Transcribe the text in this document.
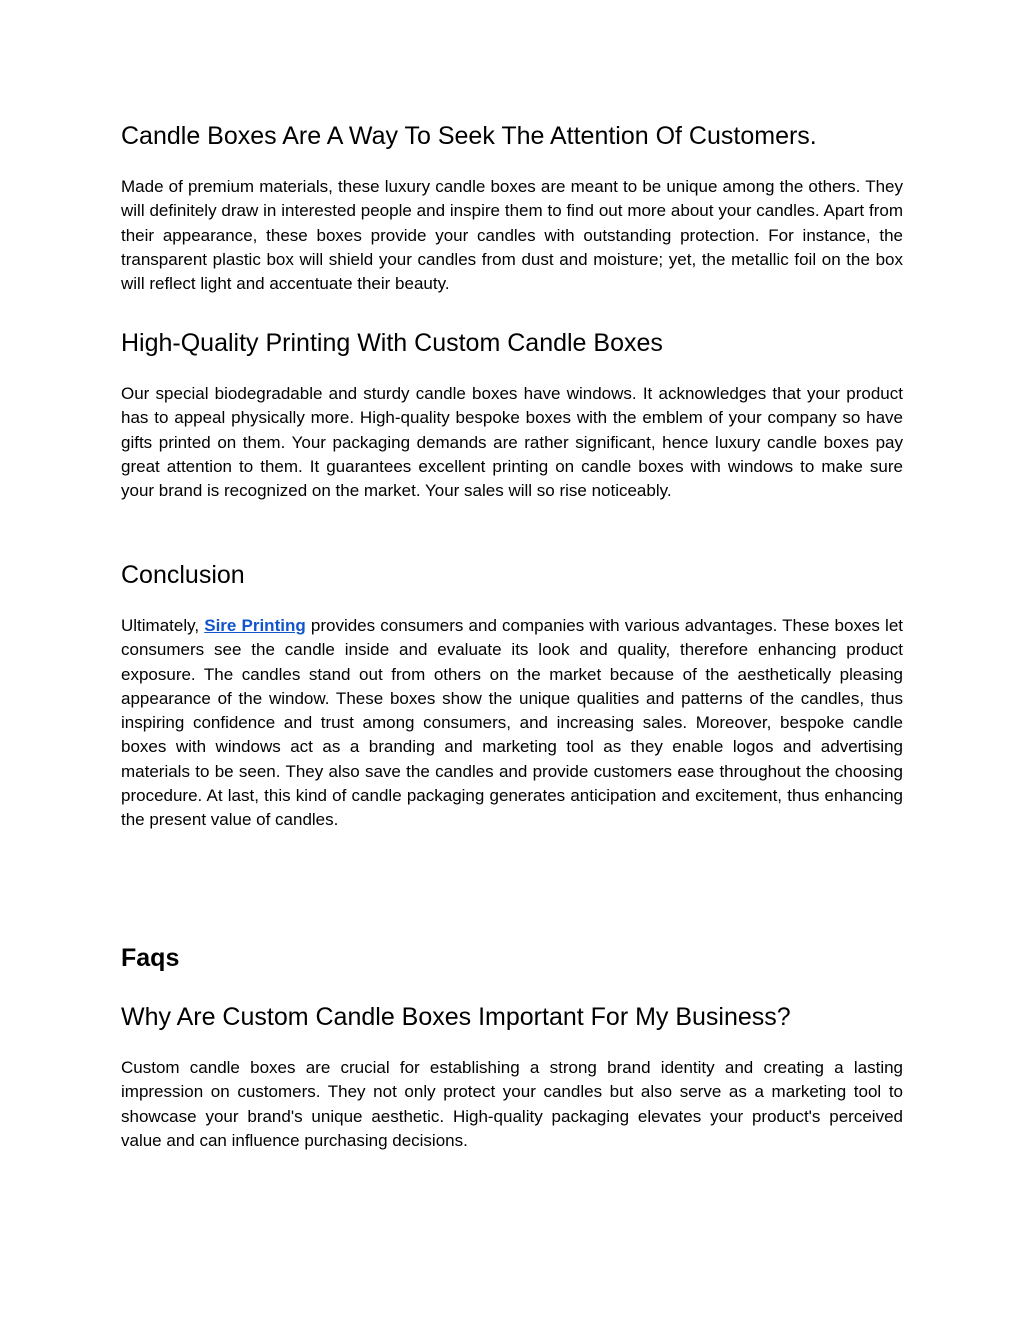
Candle Boxes Are A Way To Seek The Attention Of Customers.

Made of premium materials, these luxury candle boxes are meant to be unique among the others. They will definitely draw in interested people and inspire them to find out more about your candles. Apart from their appearance, these boxes provide your candles with outstanding protection. For instance, the transparent plastic box will shield your candles from dust and moisture; yet, the metallic foil on the box will reflect light and accentuate their beauty.

High-Quality Printing With Custom Candle Boxes

Our special biodegradable and sturdy candle boxes have windows. It acknowledges that your product has to appeal physically more. High-quality bespoke boxes with the emblem of your company so have gifts printed on them. Your packaging demands are rather significant, hence luxury candle boxes pay great attention to them. It guarantees excellent printing on candle boxes with windows to make sure your brand is recognized on the market. Your sales will so rise noticeably.

Conclusion

Ultimately, Sire Printing provides consumers and companies with various advantages. These boxes let consumers see the candle inside and evaluate its look and quality, therefore enhancing product exposure. The candles stand out from others on the market because of the aesthetically pleasing appearance of the window. These boxes show the unique qualities and patterns of the candles, thus inspiring confidence and trust among consumers, and increasing sales. Moreover, bespoke candle boxes with windows act as a branding and marketing tool as they enable logos and advertising materials to be seen. They also save the candles and provide customers ease throughout the choosing procedure. At last, this kind of candle packaging generates anticipation and excitement, thus enhancing the present value of candles.

Faqs
Why Are Custom Candle Boxes Important For My Business?

Custom candle boxes are crucial for establishing a strong brand identity and creating a lasting impression on customers. They not only protect your candles but also serve as a marketing tool to showcase your brand's unique aesthetic. High-quality packaging elevates your product's perceived value and can influence purchasing decisions.
